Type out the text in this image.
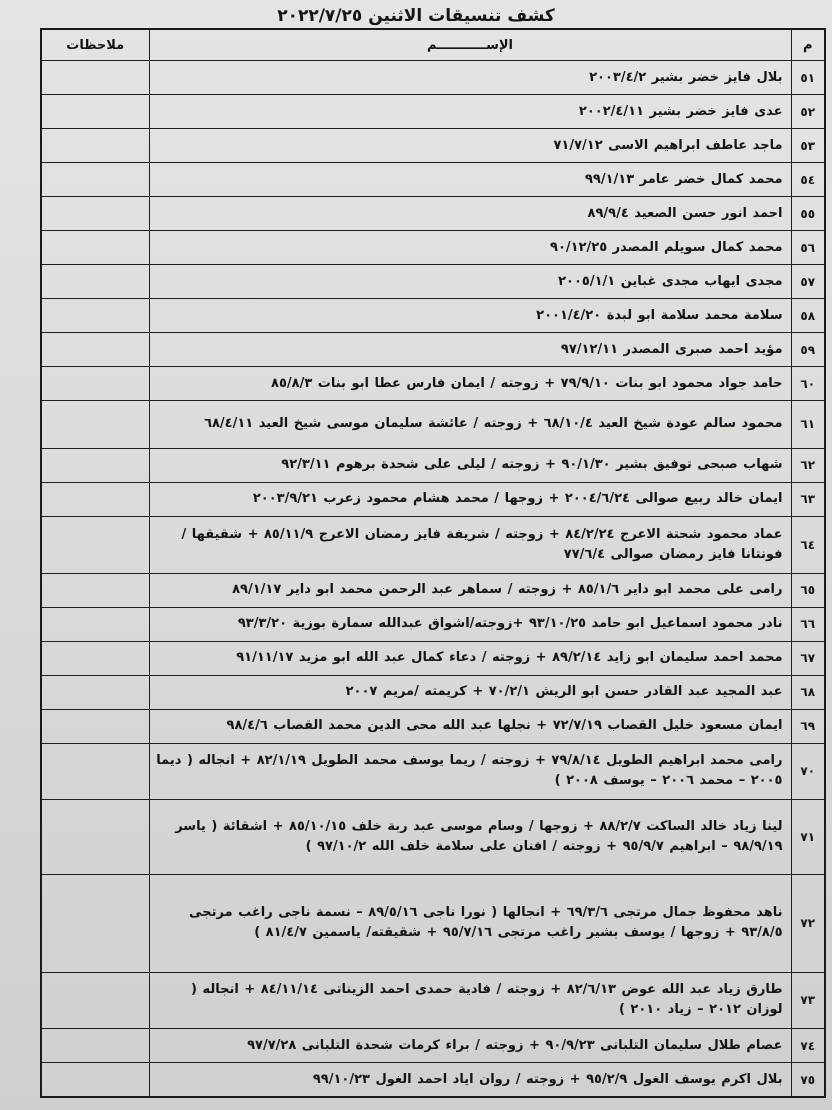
كشف تنسيقات الاثنين ٢٠٢٢/٧/٢٥
م	الإســـــــــــم	ملاحظات
٥١	بلال فايز خضر بشير ٢٠٠٣/٤/٢	
٥٢	عدى فايز خضر بشير ٢٠٠٢/٤/١١	
٥٣	ماجد عاطف ابراهيم الاسى ٧١/٧/١٢	
٥٤	محمد كمال خضر عامر ٩٩/١/١٣	
٥٥	احمد انور حسن الصعيد ٨٩/٩/٤	
٥٦	محمد كمال سويلم المصدر ٩٠/١٢/٢٥	
٥٧	مجدى ايهاب مجدى غباين ٢٠٠٥/١/١	
٥٨	سلامة محمد سلامة ابو لبدة ٢٠٠١/٤/٢٠	
٥٩	مؤيد احمد صبرى المصدر ٩٧/١٢/١١	
٦٠	حامد جواد محمود ابو بنات ٧٩/٩/١٠ + زوجته / ايمان فارس عطا ابو بنات ٨٥/٨/٣	
٦١	محمود سالم عودة شيخ العيد ٦٨/١٠/٤ + زوجته / عائشة سليمان موسى شيخ العيد ٦٨/٤/١١	
٦٢	شهاب صبحى توفيق بشير ٩٠/١/٣٠ + زوجته / ليلى على شحدة برهوم ٩٢/٣/١١	
٦٣	ايمان خالد ربيع صوالى ٢٠٠٤/٦/٢٤ + زوجها / محمد هشام محمود زعرب ٢٠٠٣/٩/٢١	
٦٤	عماد محمود شحتة الاعرج ٨٤/٢/٢٤ + زوجته / شريفة فايز رمضان الاعرج ٨٥/١١/٩ + شقيقها / فونتانا فايز رمضان صوالى ٧٧/٦/٤	
٦٥	رامى على محمد ابو داير ٨٥/١/٦ + زوجته / سماهر عبد الرحمن محمد ابو داير ٨٩/١/١٧	
٦٦	نادر محمود اسماعيل ابو حامد ٩٣/١٠/٢٥ +زوجته/اشواق عبدالله سمارة بوزية ٩٣/٣/٢٠	
٦٧	محمد احمد سليمان ابو زايد ٨٩/٢/١٤ + زوجته / دعاء كمال عبد الله ابو مزيد ٩١/١١/١٧	
٦٨	عبد المجيد عبد القادر حسن ابو الريش ٧٠/٢/١ + كريمته /مريم ٢٠٠٧	
٦٩	ايمان مسعود خليل القصاب ٧٢/٧/١٩ + نجلها عبد الله محى الدين محمد القصاب ٩٨/٤/٦	
٧٠	رامى محمد ابراهيم الطويل ٧٩/٨/١٤ + زوجته / ريما يوسف محمد الطويل ٨٢/١/١٩ + انجاله ( ديما ٢٠٠٥ – محمد ٢٠٠٦ – يوسف ٢٠٠٨ )	
٧١	لينا زياد خالد الساكت ٨٨/٢/٧ + زوجها / وسام موسى عبد ربة خلف ٨٥/١٠/١٥ + اشقائة ( ياسر ٩٨/٩/١٩ – ابراهيم ٩٥/٩/٧ + زوجته / افنان على سلامة خلف الله ٩٧/١٠/٢ )	
٧٢	ناهد محفوظ جمال مرتجى ٦٩/٣/٦ + انجالها ( نورا ناجى ٨٩/٥/١٦ – نسمة ناجى راغب مرتجى ٩٣/٨/٥ + زوجها / يوسف بشير راغب مرتجى ٩٥/٧/١٦ + شقيقته/ ياسمين ٨١/٤/٧ )	
٧٣	طارق زياد عبد الله عوض ٨٢/٦/١٣ + زوجته / فادية حمدى احمد الزيناتى ٨٤/١١/١٤ + انجاله ( لوزان ٢٠١٢ – زياد ٢٠١٠ )	
٧٤	عصام طلال سليمان التلبانى ٩٠/٩/٢٣ + زوجته / براء كرمات شحدة التلبانى ٩٧/٧/٢٨	
٧٥	بلال اكرم يوسف الغول ٩٥/٢/٩ + زوجته / روان اياد احمد الغول ٩٩/١٠/٢٣	
